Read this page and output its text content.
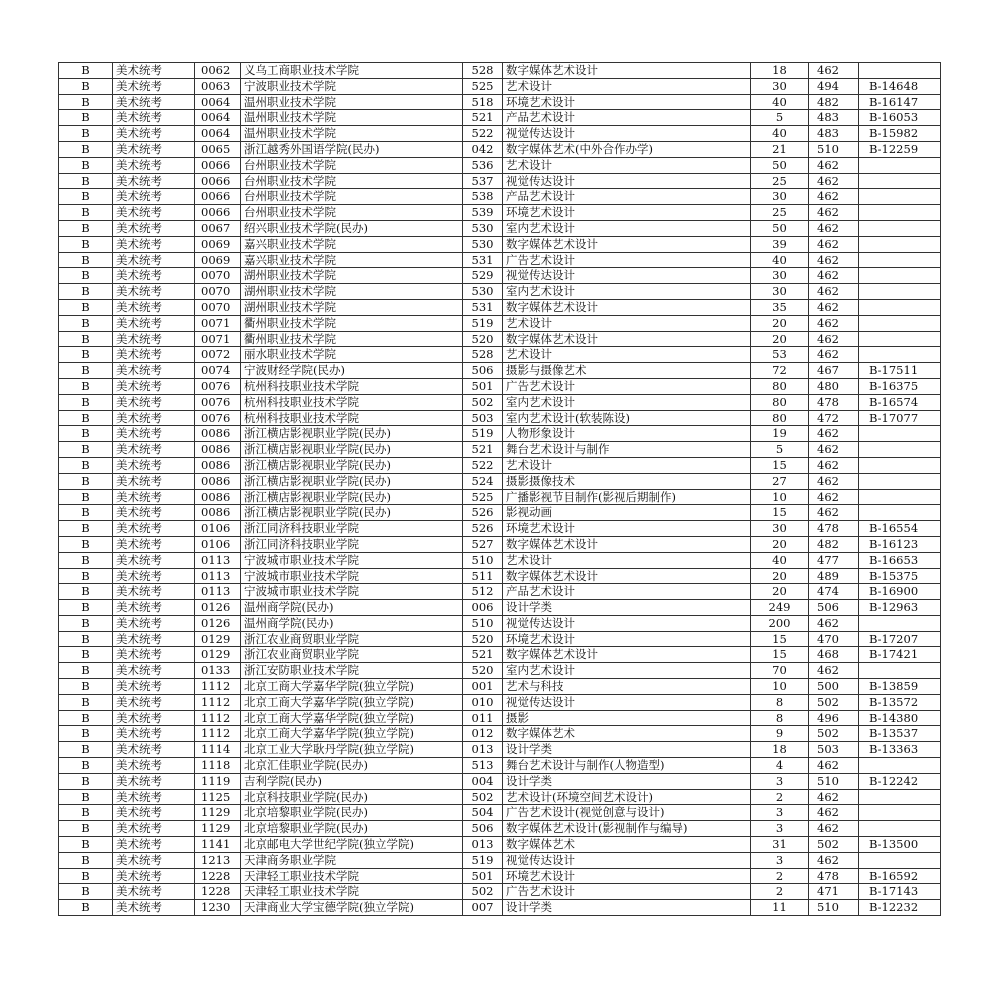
B	美术统考	0062	义乌工商职业技术学院	528	数字媒体艺术设计	18	462	
B	美术统考	0063	宁波职业技术学院	525	艺术设计	30	494	B-14648
B	美术统考	0064	温州职业技术学院	518	环境艺术设计	40	482	B-16147
B	美术统考	0064	温州职业技术学院	521	产品艺术设计	5	483	B-16053
B	美术统考	0064	温州职业技术学院	522	视觉传达设计	40	483	B-15982
B	美术统考	0065	浙江越秀外国语学院(民办)	042	数字媒体艺术(中外合作办学)	21	510	B-12259
B	美术统考	0066	台州职业技术学院	536	艺术设计	50	462	
B	美术统考	0066	台州职业技术学院	537	视觉传达设计	25	462	
B	美术统考	0066	台州职业技术学院	538	产品艺术设计	30	462	
B	美术统考	0066	台州职业技术学院	539	环境艺术设计	25	462	
B	美术统考	0067	绍兴职业技术学院(民办)	530	室内艺术设计	50	462	
B	美术统考	0069	嘉兴职业技术学院	530	数字媒体艺术设计	39	462	
B	美术统考	0069	嘉兴职业技术学院	531	广告艺术设计	40	462	
B	美术统考	0070	湖州职业技术学院	529	视觉传达设计	30	462	
B	美术统考	0070	湖州职业技术学院	530	室内艺术设计	30	462	
B	美术统考	0070	湖州职业技术学院	531	数字媒体艺术设计	35	462	
B	美术统考	0071	衢州职业技术学院	519	艺术设计	20	462	
B	美术统考	0071	衢州职业技术学院	520	数字媒体艺术设计	20	462	
B	美术统考	0072	丽水职业技术学院	528	艺术设计	53	462	
B	美术统考	0074	宁波财经学院(民办)	506	摄影与摄像艺术	72	467	B-17511
B	美术统考	0076	杭州科技职业技术学院	501	广告艺术设计	80	480	B-16375
B	美术统考	0076	杭州科技职业技术学院	502	室内艺术设计	80	478	B-16574
B	美术统考	0076	杭州科技职业技术学院	503	室内艺术设计(软装陈设)	80	472	B-17077
B	美术统考	0086	浙江横店影视职业学院(民办)	519	人物形象设计	19	462	
B	美术统考	0086	浙江横店影视职业学院(民办)	521	舞台艺术设计与制作	5	462	
B	美术统考	0086	浙江横店影视职业学院(民办)	522	艺术设计	15	462	
B	美术统考	0086	浙江横店影视职业学院(民办)	524	摄影摄像技术	27	462	
B	美术统考	0086	浙江横店影视职业学院(民办)	525	广播影视节目制作(影视后期制作)	10	462	
B	美术统考	0086	浙江横店影视职业学院(民办)	526	影视动画	15	462	
B	美术统考	0106	浙江同济科技职业学院	526	环境艺术设计	30	478	B-16554
B	美术统考	0106	浙江同济科技职业学院	527	数字媒体艺术设计	20	482	B-16123
B	美术统考	0113	宁波城市职业技术学院	510	艺术设计	40	477	B-16653
B	美术统考	0113	宁波城市职业技术学院	511	数字媒体艺术设计	20	489	B-15375
B	美术统考	0113	宁波城市职业技术学院	512	产品艺术设计	20	474	B-16900
B	美术统考	0126	温州商学院(民办)	006	设计学类	249	506	B-12963
B	美术统考	0126	温州商学院(民办)	510	视觉传达设计	200	462	
B	美术统考	0129	浙江农业商贸职业学院	520	环境艺术设计	15	470	B-17207
B	美术统考	0129	浙江农业商贸职业学院	521	数字媒体艺术设计	15	468	B-17421
B	美术统考	0133	浙江安防职业技术学院	520	室内艺术设计	70	462	
B	美术统考	1112	北京工商大学嘉华学院(独立学院)	001	艺术与科技	10	500	B-13859
B	美术统考	1112	北京工商大学嘉华学院(独立学院)	010	视觉传达设计	8	502	B-13572
B	美术统考	1112	北京工商大学嘉华学院(独立学院)	011	摄影	8	496	B-14380
B	美术统考	1112	北京工商大学嘉华学院(独立学院)	012	数字媒体艺术	9	502	B-13537
B	美术统考	1114	北京工业大学耿丹学院(独立学院)	013	设计学类	18	503	B-13363
B	美术统考	1118	北京汇佳职业学院(民办)	513	舞台艺术设计与制作(人物造型)	4	462	
B	美术统考	1119	吉利学院(民办)	004	设计学类	3	510	B-12242
B	美术统考	1125	北京科技职业学院(民办)	502	艺术设计(环境空间艺术设计)	2	462	
B	美术统考	1129	北京培黎职业学院(民办)	504	广告艺术设计(视觉创意与设计)	3	462	
B	美术统考	1129	北京培黎职业学院(民办)	506	数字媒体艺术设计(影视制作与编导)	3	462	
B	美术统考	1141	北京邮电大学世纪学院(独立学院)	013	数字媒体艺术	31	502	B-13500
B	美术统考	1213	天津商务职业学院	519	视觉传达设计	3	462	
B	美术统考	1228	天津轻工职业技术学院	501	环境艺术设计	2	478	B-16592
B	美术统考	1228	天津轻工职业技术学院	502	广告艺术设计	2	471	B-17143
B	美术统考	1230	天津商业大学宝德学院(独立学院)	007	设计学类	11	510	B-12232
